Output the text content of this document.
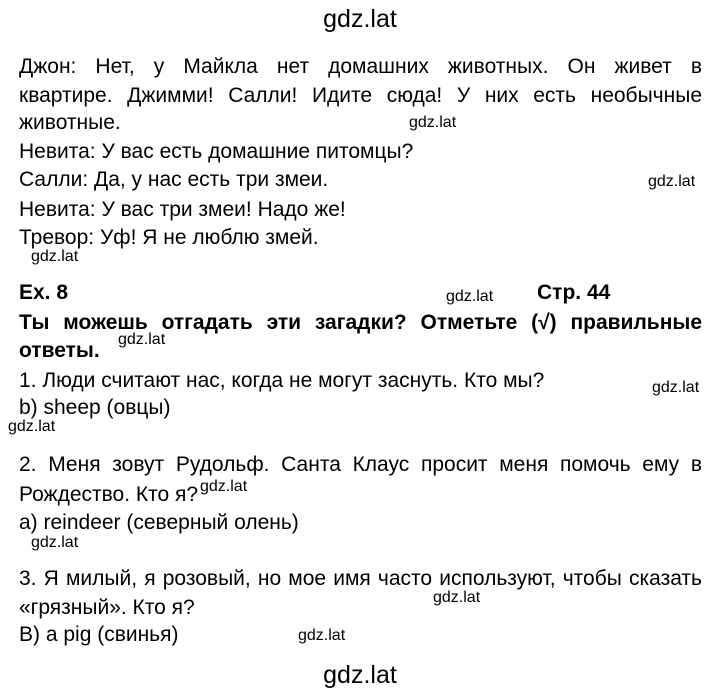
gdz.lat
Джон: Нет, у Майкла нет домашних животных. Он живет в
квартире. Джимми! Салли! Идите сюда! У них есть необычные
животные.	gdz.lat
Невита: У вас есть домашние питомцы?
Салли: Да, у нас есть три змеи.	gdz.lat
Невита: У вас три змеи! Надо же!
Тревор: Уф! Я не люблю змей.
gdz.lat
Ex. 8	gdz.lat Стр. 44
Ты можешь отгадать эти загадки? Отметьте (√) правильные
ответы. gdz.lat
1. Люди считают нас, когда не могут заснуть. Кто мы?	gdz.lat
b) sheep (овцы)
gdz.lat
2. Меня зовут Рудольф. Санта Клаус просит меня помочь ему в
Рождество. Кто я? gdz.lat
a) reindeer (северный олень)
gdz.lat
3. Я милый, я розовый, но мое имя часто используют, чтобы сказать
«грязный». Кто я?	gdz.lat
B) a pig (свинья)	gdz.lat
gdz.lat
